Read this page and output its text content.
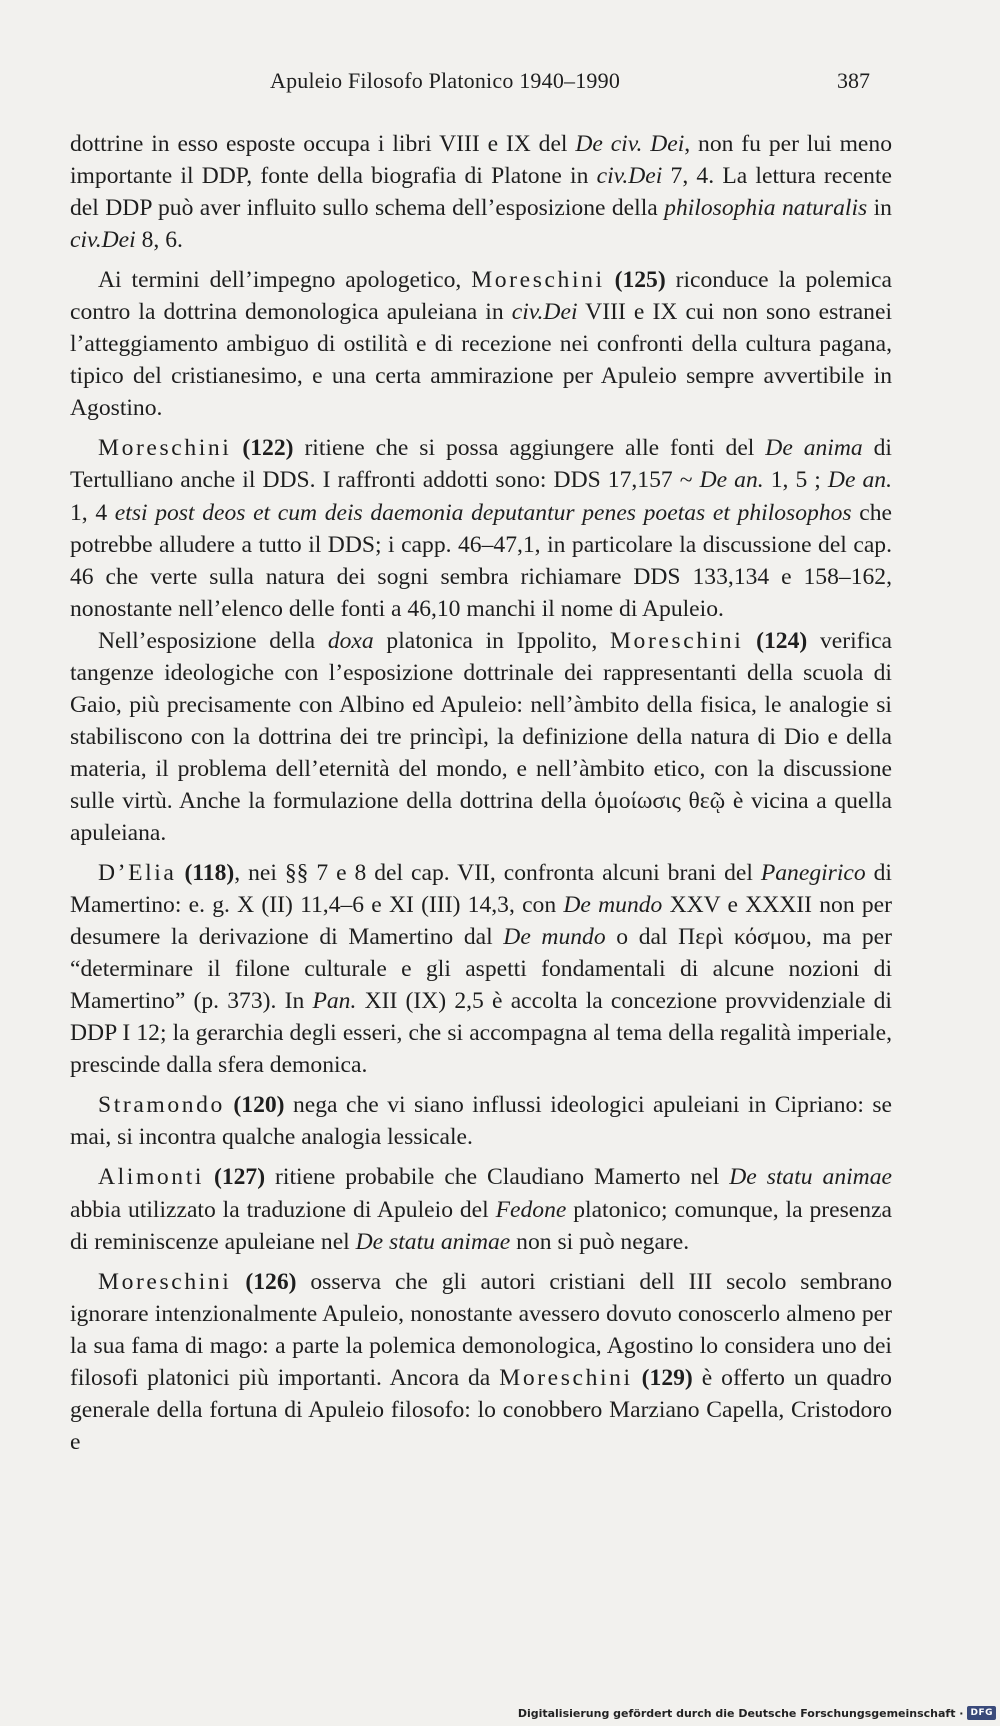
Apuleio Filosofo Platonico 1940–1990	387

dottrine in esso esposte occupa i libri VIII e IX del De civ. Dei, non fu per lui meno importante il DDP, fonte della biografia di Platone in civ.Dei 7, 4. La lettura recente del DDP può aver influito sullo schema dell’esposizione della philosophia naturalis in civ.Dei 8, 6.

Ai termini dell’impegno apologetico, Moreschini (125) riconduce la polemica contro la dottrina demonologica apuleiana in civ.Dei VIII e IX cui non sono estranei l’atteggiamento ambiguo di ostilità e di recezione nei confronti della cultura pagana, tipico del cristianesimo, e una certa ammirazione per Apuleio sempre avvertibile in Agostino.

Moreschini (122) ritiene che si possa aggiungere alle fonti del De anima di Tertulliano anche il DDS. I raffronti addotti sono: DDS 17,157 ~ De an. 1, 5 ; De an. 1, 4 etsi post deos et cum deis daemonia deputantur penes poetas et philosophos che potrebbe alludere a tutto il DDS; i capp. 46–47,1, in particolare la discussione del cap. 46 che verte sulla natura dei sogni sembra richiamare DDS 133,134 e 158–162, nonostante nell’elenco delle fonti a 46,10 manchi il nome di Apuleio.

Nell’esposizione della doxa platonica in Ippolito, Moreschini (124) verifica tangenze ideologiche con l’esposizione dottrinale dei rappresentanti della scuola di Gaio, più precisamente con Albino ed Apuleio: nell’àmbito della fisica, le analogie si stabiliscono con la dottrina dei tre princìpi, la definizione della natura di Dio e della materia, il problema dell’eternità del mondo, e nell’àmbito etico, con la discussione sulle virtù. Anche la formulazione della dottrina della ὁμοίωσις θεῷ è vicina a quella apuleiana.

D’Elia (118), nei §§ 7 e 8 del cap. VII, confronta alcuni brani del Panegirico di Mamertino: e. g. X (II) 11,4–6 e XI (III) 14,3, con De mundo XXV e XXXII non per desumere la derivazione di Mamertino dal De mundo o dal Περὶ κόσμου, ma per “determinare il filone culturale e gli aspetti fondamentali di alcune nozioni di Mamertino” (p. 373). In Pan. XII (IX) 2,5 è accolta la concezione provvidenziale di DDP I 12; la gerarchia degli esseri, che si accompagna al tema della regalità imperiale, prescinde dalla sfera demonica.

Stramondo (120) nega che vi siano influssi ideologici apuleiani in Cipriano: se mai, si incontra qualche analogia lessicale.

Alimonti (127) ritiene probabile che Claudiano Mamerto nel De statu animae abbia utilizzato la traduzione di Apuleio del Fedone platonico; comunque, la presenza di reminiscenze apuleiane nel De statu animae non si può negare.

Moreschini (126) osserva che gli autori cristiani dell III secolo sembrano ignorare intenzionalmente Apuleio, nonostante avessero dovuto conoscerlo almeno per la sua fama di mago: a parte la polemica demonologica, Agostino lo considera uno dei filosofi platonici più importanti. Ancora da Moreschini (129) è offerto un quadro generale della fortuna di Apuleio filosofo: lo conobbero Marziano Capella, Cristodoro e

Digitalisierung gefördert durch die Deutsche Forschungsgemeinschaft · DFG
